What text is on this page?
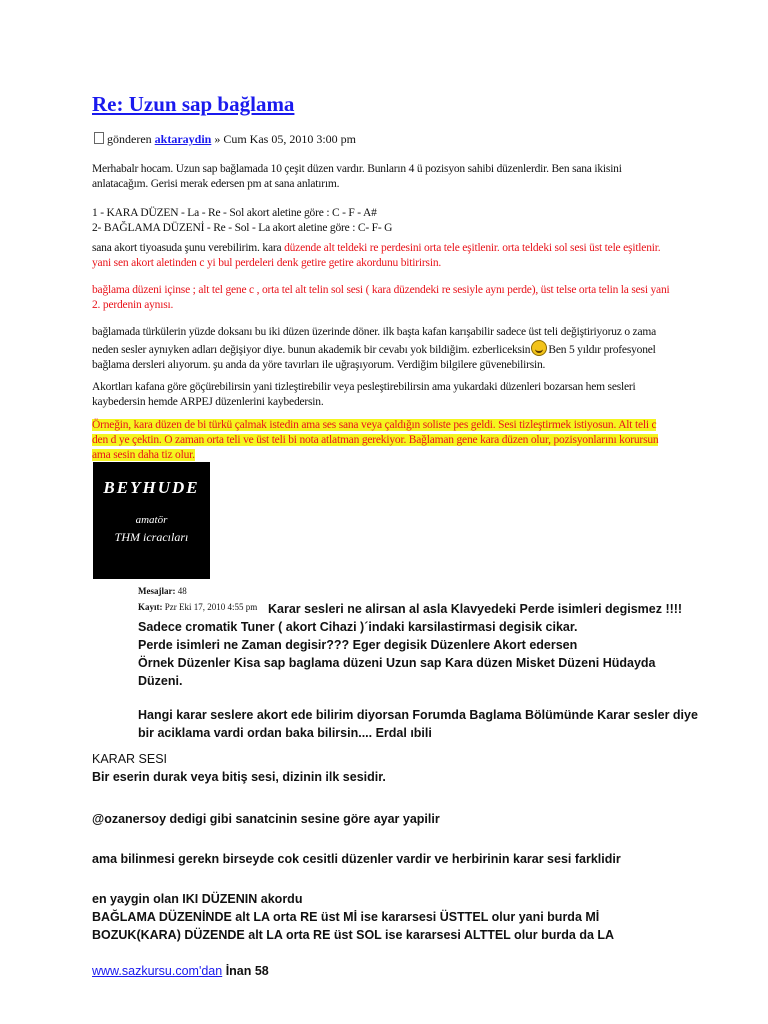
Re: Uzun sap bağlama
gönderen aktaraydin » Cum Kas 05, 2010 3:00 pm
Merhabalr hocam. Uzun sap bağlamada 10 çeşit düzen vardır. Bunların 4 ü pozisyon sahibi düzenlerdir. Ben sana ikisini anlatacağım. Gerisi merak edersen pm at sana anlatırım.
1 - KARA DÜZEN - La - Re - Sol akort aletine göre : C - F - A#
2- BAĞLAMA DÜZENİ - Re - Sol - La akort aletine göre : C- F- G
sana akort tiyoasuda şunu verebilirim. kara düzende alt teldeki re perdesini orta tele eşitlenir. orta teldeki sol sesi üst tele eşitlenir. yani sen akort aletinden c yi bul perdeleri denk getire getire akordunu bitirirsin.
bağlama düzeni içinse ; alt tel gene c , orta tel alt telin sol sesi ( kara düzendeki re sesiyle aynı perde), üst telse orta telin la sesi yani 2. perdenin aynısı.
bağlamada türkülerin yüzde doksanı bu iki düzen üzerinde döner. ilk başta kafan karışabilir sadece üst teli değiştiriyoruz o zama neden sesler aynıyken adları değişiyor diye. bunun akademik bir cevabı yok bildiğim. ezberliceksin Ben 5 yıldır profesyonel bağlama dersleri alıyorum. şu anda da yöre tavırları ile uğraşıyorum. Verdiğim bilgilere güvenebilirsin.
Akortları kafana göre göçürebilirsin yani tizleştirebilir veya pesleştirebilirsin ama yukardaki düzenleri bozarsan hem sesleri kaybedersin hemde ARPEJ düzenlerini kaybedersin.
Örneğin, kara düzen de bi türkü çalmak istedin ama ses sana veya çaldığın soliste pes geldi. Sesi tizleştirmek istiyosun. Alt teli c den d ye çektin. O zaman orta teli ve üst teli bi nota atlatman gerekiyor. Bağlaman gene kara düzen olur, pozisyonlarını korursun ama sesin daha tiz olur.
BEYHUDE
amatör
THM icracıları
Mesajlar: 48
Kayıt: Pzr Eki 17, 2010 4:55 pm Karar sesleri ne alirsan al asla Klavyedeki Perde isimleri degismez !!!!
Sadece cromatik Tuner ( akort Cihazi )´indaki karsilastirmasi degisik cikar.
Perde isimleri ne Zaman degisir??? Eger degisik Düzenlere Akort edersen
Örnek Düzenler Kisa sap baglama düzeni Uzun sap Kara düzen Misket Düzeni Hüdayda Düzeni.
Hangi karar seslere akort ede bilirim diyorsan Forumda Baglama Bölümünde Karar sesler diye bir aciklama vardi ordan baka bilirsin.... Erdal ıbili
KARAR SESI
Bir eserin durak veya bitiş sesi, dizinin ilk sesidir.
@ozanersoy dedigi gibi sanatcinin sesine göre ayar yapilir
ama bilinmesi gerekn birseyde cok cesitli düzenler vardir ve herbirinin karar sesi farklidir
en yaygin olan IKI DÜZENIN akordu
BAĞLAMA DÜZENİNDE alt LA orta RE üst Mİ ise kararsesi ÜSTTEL olur yani burda Mİ
BOZUK(KARA) DÜZENDE alt LA orta RE üst SOL ise kararsesi ALTTEL olur burda da LA
www.sazkursu.com'dan İnan 58
